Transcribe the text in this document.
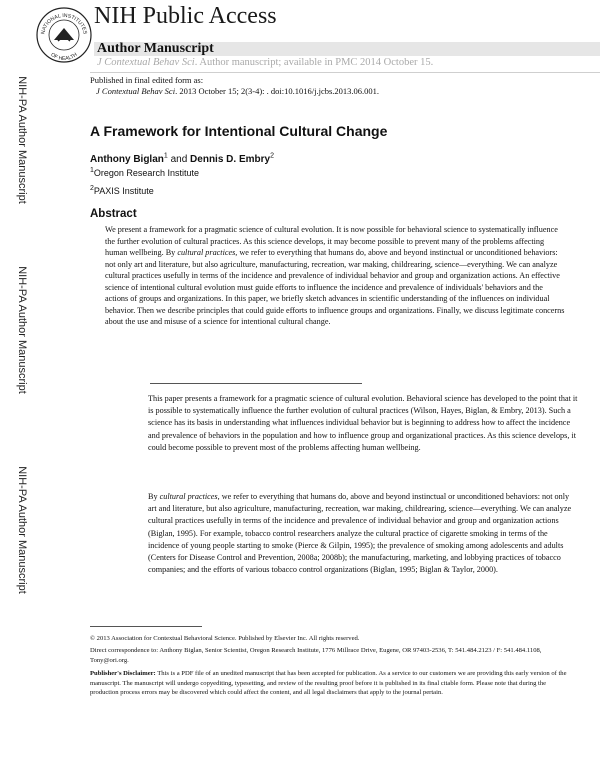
NATIONAL INSTITUTES
OF HEALTH
NIH Public Access
Author Manuscript
J Contextual Behav Sci. Author manuscript; available in PMC 2014 October 15.
Published in final edited form as:
J Contextual Behav Sci. 2013 October 15; 2(3-4): . doi:10.1016/j.jcbs.2013.06.001.
NIH-PA Author Manuscript
NIH-PA Author Manuscript
NIH-PA Author Manuscript
A Framework for Intentional Cultural Change
Anthony Biglan$^1$ and Dennis D. Embry$^2$
$^1$Oregon Research Institute
$^2$PAXIS Institute
Abstract
We present a framework for a pragmatic science of cultural evolution. It is now possible for behavioral science to systematically influence the further evolution of cultural practices. As this science develops, it may become possible to prevent many of the problems affecting human wellbeing. By cultural practices, we refer to everything that humans do, above and beyond instinctual or unconditioned behaviors: not only art and literature, but also agriculture, manufacturing, recreation, war making, childrearing, science—everything. We can analyze cultural practices usefully in terms of the incidence and prevalence of individual behavior and group and organization actions. An effective science of intentional cultural evolution must guide efforts to influence the incidence and prevalence of individuals' behaviors and the actions of groups and organizations. In this paper, we briefly sketch advances in scientific understanding of the influences on individual behavior. Then we describe principles that could guide efforts to influence groups and organizations. Finally, we discuss legitimate concerns about the use and misuse of a science for intentional cultural change.
This paper presents a framework for a pragmatic science of cultural evolution. Behavioral science has developed to the point that it is possible to systematically influence the further evolution of cultural practices (Wilson, Hayes, Biglan, & Embry, 2013). Such a science has its basis in understanding what influences individual behavior but is beginning to address how to affect the incidence and prevalence of behaviors in the population and how to influence group and organizational practices. As this science develops, it could become possible to prevent most of the problems affecting human wellbeing.
By cultural practices, we refer to everything that humans do, above and beyond instinctual or unconditioned behaviors: not only art and literature, but also agriculture, manufacturing, recreation, war making, childrearing, science—everything. We can analyze cultural practices usefully in terms of the incidence and prevalence of individual behavior and group and organization actions (Biglan, 1995). For example, tobacco control researchers analyze the cultural practice of cigarette smoking in terms of the incidence of young people starting to smoke (Pierce & Gilpin, 1995); the prevalence of smoking among adolescents and adults (Centers for Disease Control and Prevention, 2008a; 2008b); the manufacturing, marketing, and lobbying practices of tobacco companies; and the efforts of various tobacco control organizations (Biglan, 1995; Biglan & Taylor, 2000).
© 2013 Association for Contextual Behavioral Science. Published by Elsevier Inc. All rights reserved.
Direct correspondence to: Anthony Biglan, Senior Scientist, Oregon Research Institute, 1776 Millrace Drive, Eugene, OR 97403-2536, T: 541.484.2123 / F: 541.484.1108, Tony@ori.org.
Publisher's Disclaimer: This is a PDF file of an unedited manuscript that has been accepted for publication. As a service to our customers we are providing this early version of the manuscript. The manuscript will undergo copyediting, typesetting, and review of the resulting proof before it is published in its final citable form. Please note that during the production process errors may be discovered which could affect the content, and all legal disclaimers that apply to the journal pertain.
